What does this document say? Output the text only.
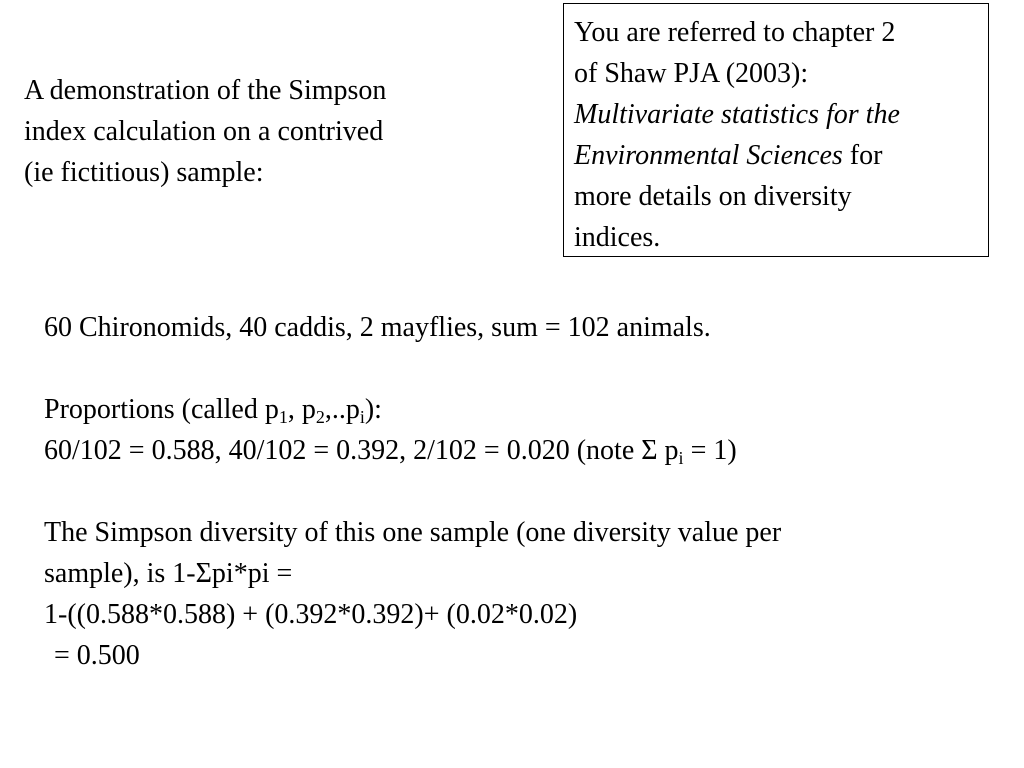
A demonstration of the Simpson
index calculation on a contrived
(ie fictitious) sample:
You are referred to chapter 2
of Shaw PJA (2003):
Multivariate statistics for the
Environmental Sciences for
more details on diversity
indices.
60 Chironomids, 40 caddis, 2 mayflies, sum = 102 animals.
Proportions (called $p_1$, $p_2,..p_i$):
60/102 = 0.588, 40/102 = 0.392, 2/102 = 0.020 (note Σ $p_i = 1$)
The Simpson diversity of this one sample (one diversity value per
sample), is 1-Σpi*pi =
1-((0.588*0.588) + (0.392*0.392)+ (0.02*0.02)
= 0.500
